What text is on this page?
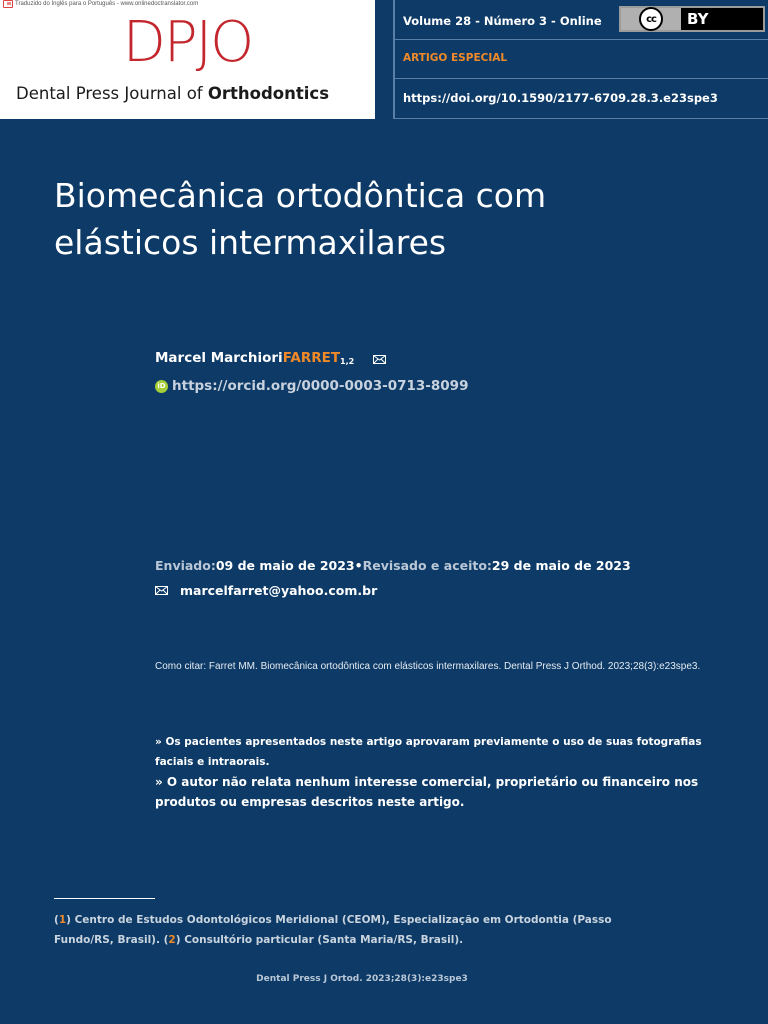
Traduzido do Inglês para o Português - www.onlinedoctranslator.com
DPJO
Dental Press Journal of Orthodontics
Volume 28 - Número 3 - Online	cc	BY
ARTIGO ESPECIAL
https://doi.org/10.1590/2177-6709.28.3.e23spe3
Biomecânica ortodôntica com elásticos intermaxilares
Marcel MarchioriFARRET$_{1,2}$
iD https://orcid.org/0000-0003-0713-8099
Enviado:09 de maio de 2023•Revisado e aceito:29 de maio de 2023
marcelfarret@yahoo.com.br
Como citar: Farret MM. Biomecânica ortodôntica com elásticos intermaxilares. Dental Press J Orthod. 2023;28(3):e23spe3.
» Os pacientes apresentados neste artigo aprovaram previamente o uso de suas fotografias faciais e intraorais.
» O autor não relata nenhum interesse comercial, proprietário ou financeiro nos produtos ou empresas descritos neste artigo.
(1) Centro de Estudos Odontológicos Meridional (CEOM), Especialização em Ortodontia (Passo Fundo/RS, Brasil). (2) Consultório particular (Santa Maria/RS, Brasil).
Dental Press J Ortod. 2023;28(3):e23spe3
